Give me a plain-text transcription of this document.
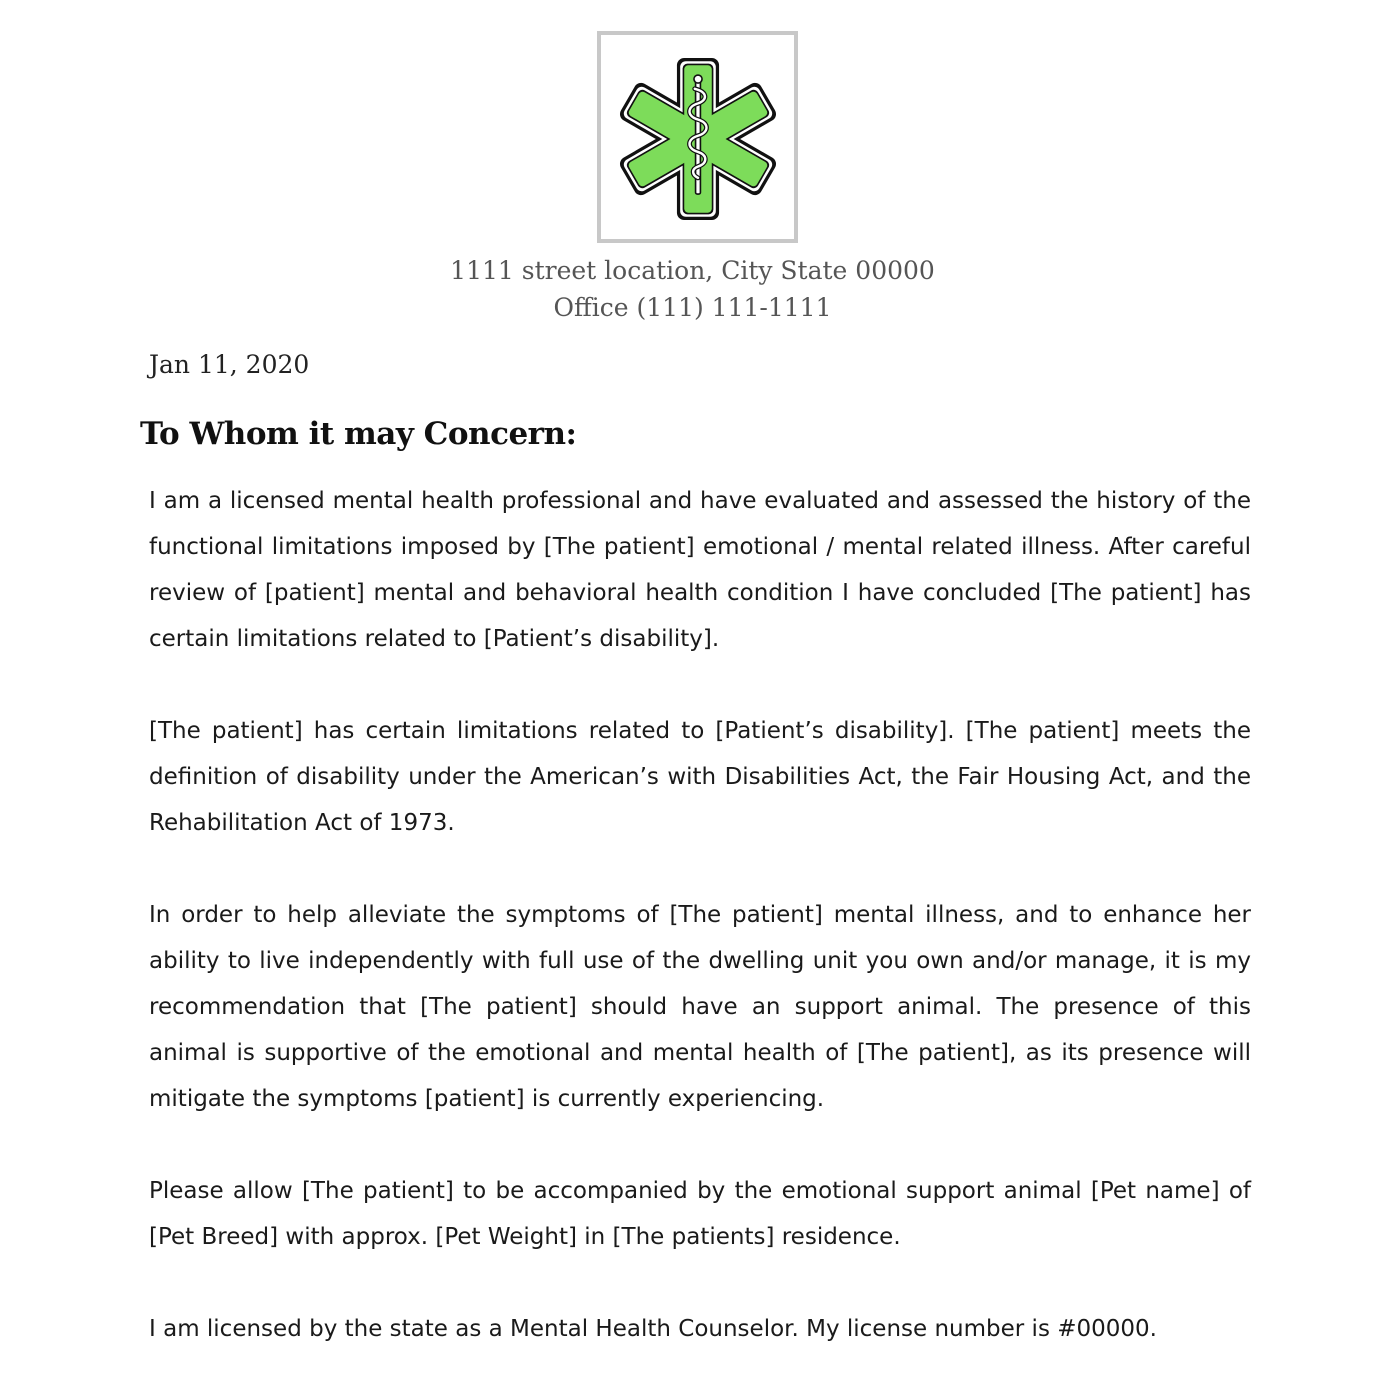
1111 street location, City State 00000
Office (111) 111-1111
Jan 11, 2020
To Whom it may Concern:

I am a licensed mental health professional and have evaluated and assessed the history of the functional limitations imposed by [The patient] emotional / mental related illness. After careful review of [patient] mental and behavioral health condition I have concluded [The patient] has certain limitations related to [Patient’s disability].

[The patient] has certain limitations related to [Patient’s disability]. [The patient] meets the definition of disability under the American’s with Disabilities Act, the Fair Housing Act, and the Rehabilitation Act of 1973.

In order to help alleviate the symptoms of [The patient] mental illness, and to enhance her ability to live independently with full use of the dwelling unit you own and/or manage, it is my recommendation that [The patient] should have an support animal. The presence of this animal is supportive of the emotional and mental health of [The patient], as its presence will mitigate the symptoms [patient] is currently experiencing.

Please allow [The patient] to be accompanied by the emotional support animal [Pet name] of [Pet Breed] with approx. [Pet Weight] in [The patients] residence.

I am licensed by the state as a Mental Health Counselor. My license number is #00000.
